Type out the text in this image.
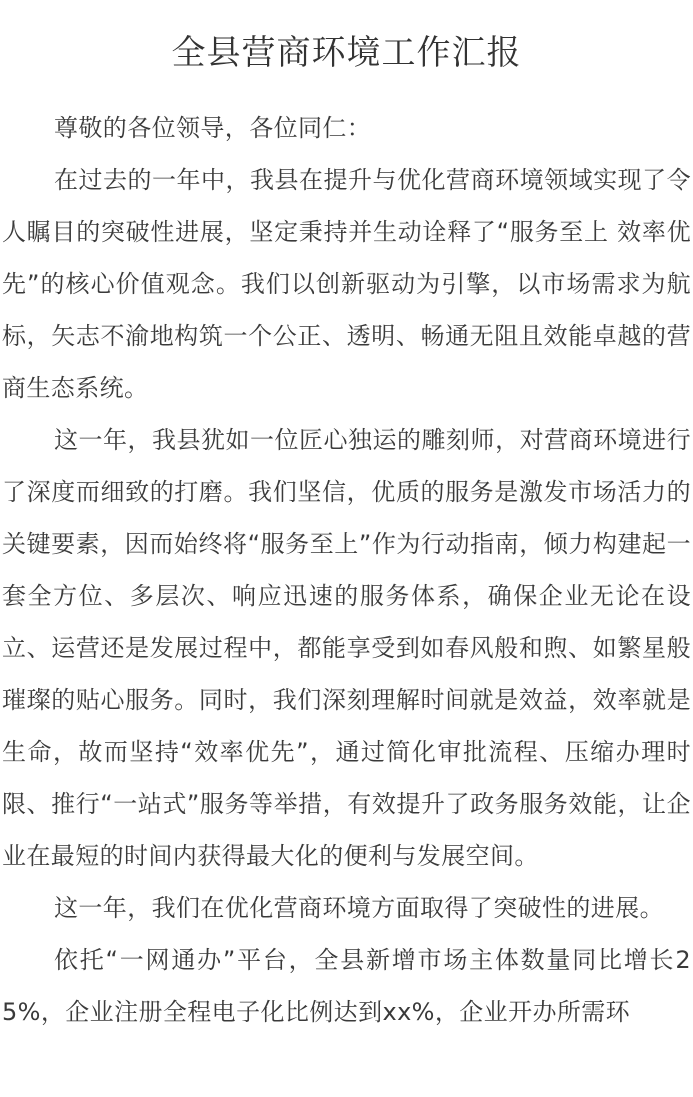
全县营商环境工作汇报

尊敬的各位领导，各位同仁：

在过去的一年中，我县在提升与优化营商环境领域实现了令人瞩目的突破性进展，坚定秉持并生动诠释了“服务至上 效率优先”的核心价值观念。我们以创新驱动为引擎，以市场需求为航标，矢志不渝地构筑一个公正、透明、畅通无阻且效能卓越的营商生态系统。

这一年，我县犹如一位匠心独运的雕刻师，对营商环境进行了深度而细致的打磨。我们坚信，优质的服务是激发市场活力的关键要素，因而始终将“服务至上”作为行动指南，倾力构建起一套全方位、多层次、响应迅速的服务体系，确保企业无论在设立、运营还是发展过程中，都能享受到如春风般和煦、如繁星般璀璨的贴心服务。同时，我们深刻理解时间就是效益，效率就是生命，故而坚持“效率优先”，通过简化审批流程、压缩办理时限、推行“一站式”服务等举措，有效提升了政务服务效能，让企业在最短的时间内获得最大化的便利与发展空间。

这一年，我们在优化营商环境方面取得了突破性的进展。

依托“一网通办”平台，全县新增市场主体数量同比增长25%，企业注册全程电子化比例达到xx%，企业开办所需环
